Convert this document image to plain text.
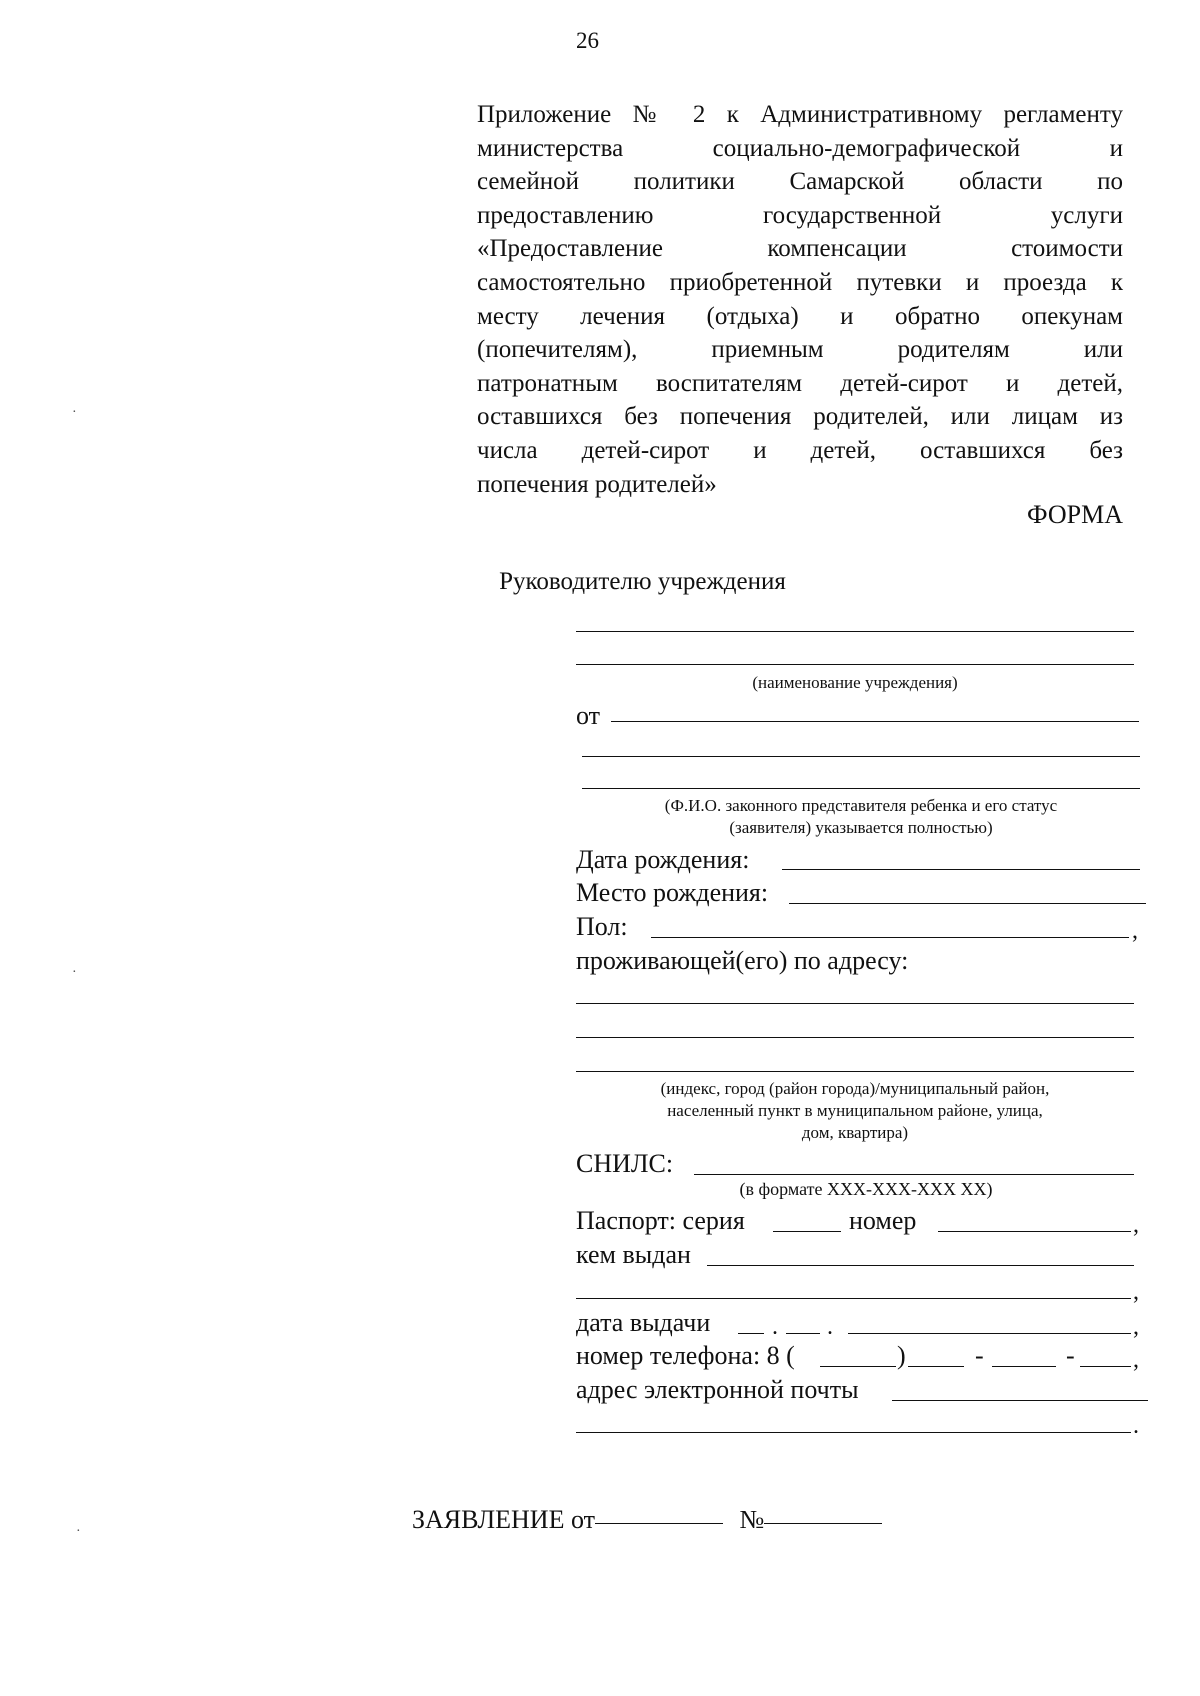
26
Приложение № 2 к Административному регламенту
министерства социально-демографической и
семейной политики Самарской области по
предоставлению государственной услуги
«Предоставление компенсации стоимости
самостоятельно приобретенной путевки и проезда к
месту лечения (отдыха) и обратно опекунам
(попечителям), приемным родителям или
патронатным воспитателям детей-сирот и детей,
оставшихся без попечения родителей, или лицам из
числа детей-сирот и детей, оставшихся без
попечения родителей»
ФОРМА
Руководителю учреждения
(наименование учреждения)
от
(Ф.И.О. законного представителя ребенка и его статус
(заявителя) указывается полностью)
Дата рождения:
Место рождения:
Пол:	,
проживающей(его) по адресу:
(индекс, город (район города)/муниципальный район,
населенный пункт в муниципальном районе, улица,
дом, квартира)
СНИЛС:
(в формате XXX-XXX-XXX XX)
Паспорт: серия	номер	,
кем выдан
,
дата выдачи	. .	,
номер телефона: 8 (	)	-	- ,
адрес электронной почты
.
ЗАЯВЛЕНИЕ от	№
·
·
·
